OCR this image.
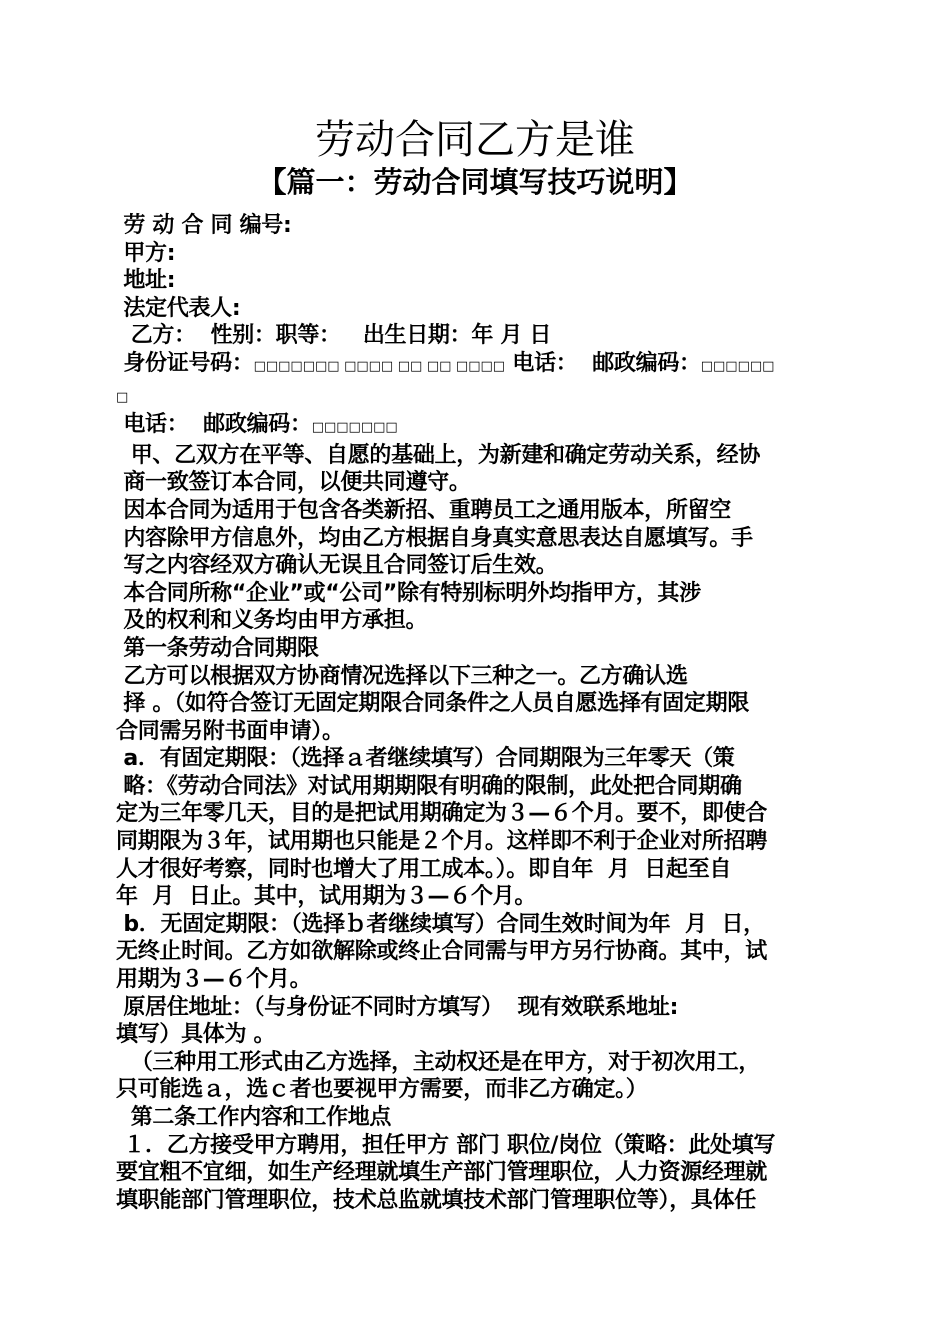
劳动合同乙方是谁
【篇一：劳动合同填写技巧说明】
劳 动 合 同 编号:
甲方:
地址:
法定代表人:
乙方：  性别：职等：   出生日期：年 月 日
身份证号码：□□□□□□□ □□□□ □□ □□ □□□□ 电话：  邮政编码：□□□□□□
□
电话：  邮政编码：□□□□□□□
甲、乙双方在平等、自愿的基础上，为新建和确定劳动关系，经协
商一致签订本合同，以便共同遵守。
因本合同为适用于包含各类新招、重聘员工之通用版本，所留空
内容除甲方信息外，均由乙方根据自身真实意思表达自愿填写。手
写之内容经双方确认无误且合同签订后生效。
本合同所称“企业”或“公司”除有特别标明外均指甲方，其涉
及的权利和义务均由甲方承担。
第一条劳动合同期限
乙方可以根据双方协商情况选择以下三种之一。乙方确认选
择 。（如符合签订无固定期限合同条件之人员自愿选择有固定期限
合同需另附书面申请）。
a．有固定期限：（选择ａ者继续填写）合同期限为三年零天（策
略：《劳动合同法》对试用期期限有明确的限制，此处把合同期确
定为三年零几天，目的是把试用期确定为３—６个月。要不，即使合
同期限为３年，试用期也只能是２个月。这样即不利于企业对所招聘
人才很好考察，同时也增大了用工成本。）。即自年  月  日起至自
年  月  日止。其中，试用期为３—６个月。
b．无固定期限：（选择ｂ者继续填写）合同生效时间为年  月  日，
无终止时间。乙方如欲解除或终止合同需与甲方另行协商。其中，试
用期为３—６个月。
原居住地址：（与身份证不同时方填写）  现有效联系地址:
填写）具体为 。
（三种用工形式由乙方选择，主动权还是在甲方，对于初次用工，
只可能选ａ，选ｃ者也要视甲方需要，而非乙方确定。）
第二条工作内容和工作地点
１．乙方接受甲方聘用，担任甲方 部门 职位/岗位（策略：此处填写
要宜粗不宜细，如生产经理就填生产部门管理职位，人力资源经理就
填职能部门管理职位，技术总监就填技术部门管理职位等），具体任
